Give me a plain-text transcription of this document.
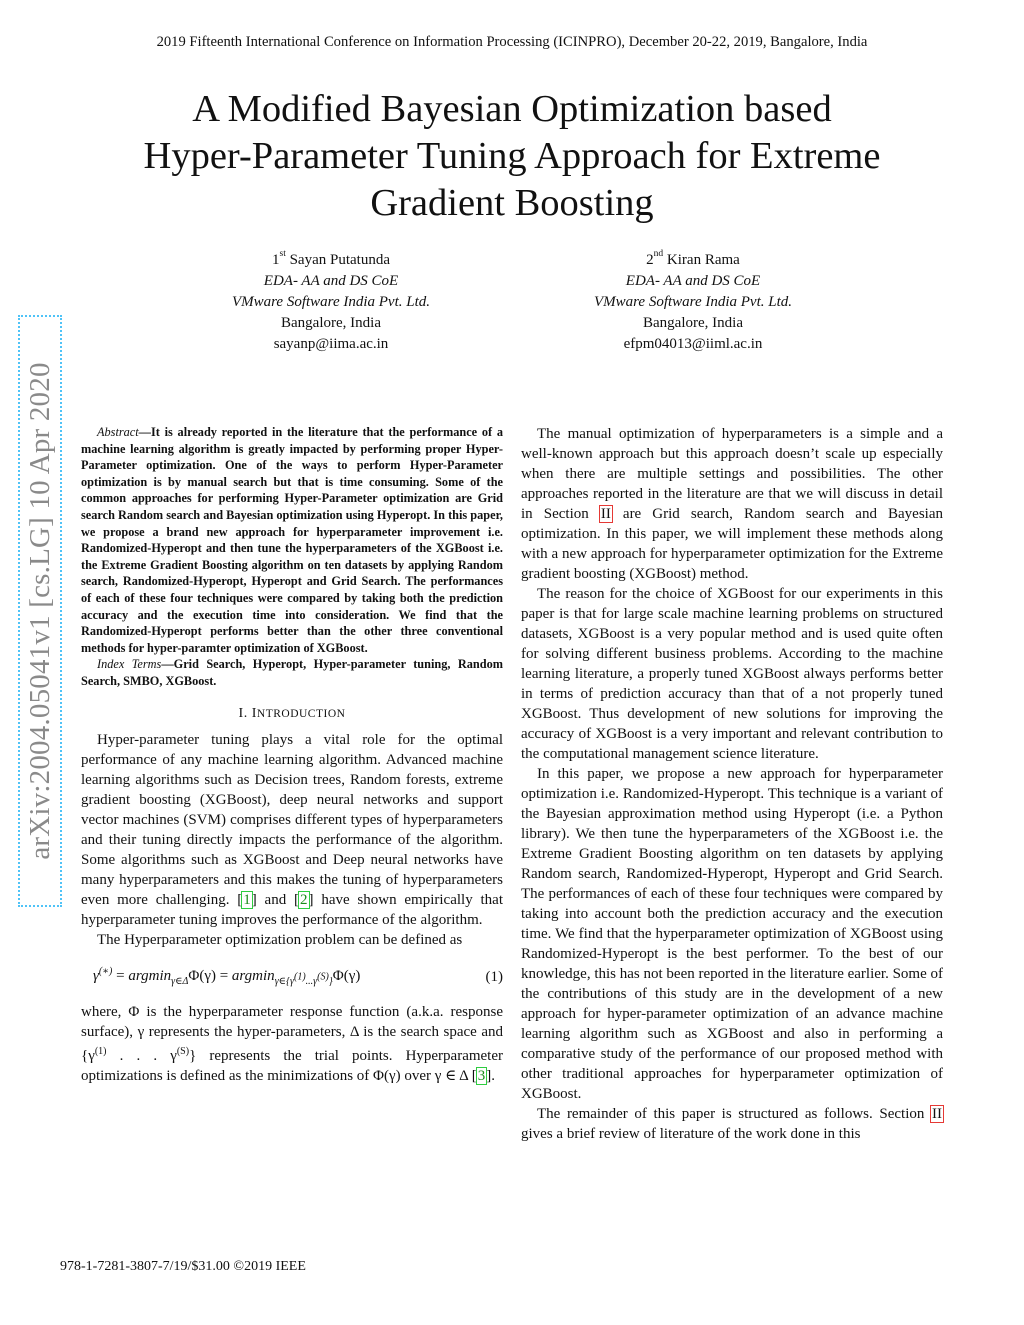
2019 Fifteenth International Conference on Information Processing (ICINPRO), December 20-22, 2019, Bangalore, India
A Modified Bayesian Optimization based
Hyper-Parameter Tuning Approach for Extreme
Gradient Boosting
1st Sayan Putatunda
EDA- AA and DS CoE
VMware Software India Pvt. Ltd.
Bangalore, India
sayanp@iima.ac.in
2nd Kiran Rama
EDA- AA and DS CoE
VMware Software India Pvt. Ltd.
Bangalore, India
efpm04013@iiml.ac.in
arXiv:2004.05041v1 [cs.LG] 10 Apr 2020	Abstract—It is already reported in the literature that the performance of a machine learning algorithm is greatly impacted by performing proper Hyper-Parameter optimization. One of the ways to perform Hyper-Parameter optimization is by manual search but that is time consuming. Some of the common approaches for performing Hyper-Parameter optimization are Grid search Random search and Bayesian optimization using Hyperopt. In this paper, we propose a brand new approach for hyperparameter improvement i.e. Randomized-Hyperopt and then tune the hyperparameters of the XGBoost i.e. the Extreme Gradient Boosting algorithm on ten datasets by applying Random search, Randomized-Hyperopt, Hyperopt and Grid Search. The performances of each of these four techniques were compared by taking both the prediction accuracy and the execution time into consideration. We find that the Randomized-Hyperopt performs better than the other three conventional methods for hyper-paramter optimization of XGBoost.

Index Terms—Grid Search, Hyperopt, Hyper-parameter tuning, Random Search, SMBO, XGBoost.

I. INTRODUCTION

Hyper-parameter tuning plays a vital role for the optimal performance of any machine learning algorithm. Advanced machine learning algorithms such as Decision trees, Random forests, extreme gradient boosting (XGBoost), deep neural networks and support vector machines (SVM) comprises different types of hyperparameters and their tuning directly impacts the performance of the algorithm. Some algorithms such as XGBoost and Deep neural networks have many hyperparameters and this makes the tuning of hyperparameters even more challenging. [1] and [2] have shown empirically that hyperparameter tuning improves the performance of the algorithm.

The Hyperparameter optimization problem can be defined as

γ(∗) = argmin$_{\gamma\in\Delta}$Φ(γ) = argmin$_{\gamma\in\{\gamma^{(1)}...\gamma^{(S)}\}}$Φ(γ)	(1)

where, Φ is the hyperparameter response function (a.k.a. response surface), γ represents the hyper-parameters, Δ is the search space and {$\gamma^{(1)}$ . . . $\gamma^{(S)}$} represents the trial points. Hyperparameter optimizations is defined as the minimizations of Φ(γ) over γ ∈ Δ [3].

The manual optimization of hyperparameters is a simple and a well-known approach but this approach doesn’t scale up especially when there are multiple settings and possibilities. The other approaches reported in the literature are that we will discuss in detail in Section II are Grid search, Random search and Bayesian optimization. In this paper, we will implement these methods along with a new approach for hyperparameter optimization for the Extreme gradient boosting (XGBoost) method.

The reason for the choice of XGBoost for our experiments in this paper is that for large scale machine learning problems on structured datasets, XGBoost is a very popular method and is used quite often for solving different business problems. According to the machine learning literature, a properly tuned XGBoost always performs better in terms of prediction accuracy than that of a not properly tuned XGBoost. Thus development of new solutions for improving the accuracy of XGBoost is a very important and relevant contribution to the computational management science literature.

In this paper, we propose a new approach for hyperparameter optimization i.e. Randomized-Hyperopt. This technique is a variant of the Bayesian approximation method using Hyperopt (i.e. a Python library). We then tune the hyperparameters of the XGBoost i.e. the Extreme Gradient Boosting algorithm on ten datasets by applying Random search, Randomized-Hyperopt, Hyperopt and Grid Search. The performances of each of these four techniques were compared by taking into account both the prediction accuracy and the execution time. We find that the hyperparameter optimization of XGBoost using Randomized-Hyperopt is the best performer. To the best of our knowledge, this has not been reported in the literature earlier. Some of the contributions of this study are in the development of a new approach for hyper-parameter optimization of an advance machine learning algorithm such as XGBoost and also in performing a comparative study of the performance of our proposed method with other traditional approaches for hyperparameter optimization of XGBoost.

The remainder of this paper is structured as follows. Section II gives a brief review of literature of the work done in this

978-1-7281-3807-7/19/$31.00 ©2019 IEEE
